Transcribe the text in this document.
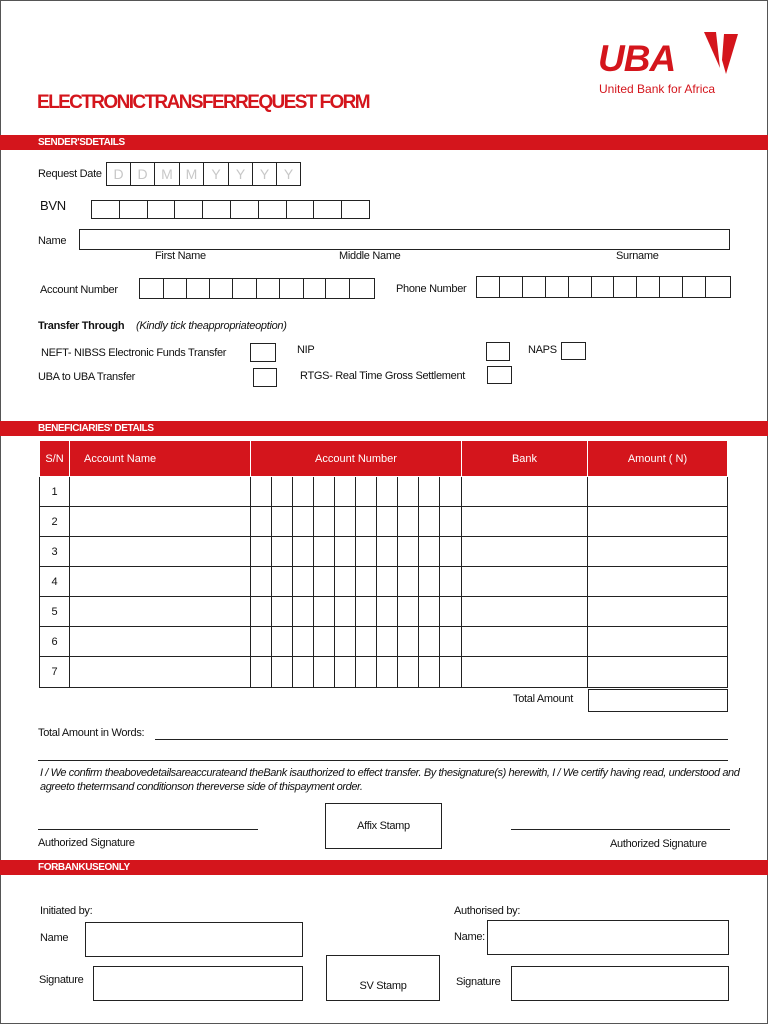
UBA
United Bank for Africa
ELECTRONICTRANSFERREQUEST FORM
SENDER'SDETAILS
Request Date D D M M	Y	Y	Y	Y
BVN
Name
First Name	Middle Name	Surname
Account Number	Phone Number
Transfer Through (Kindly tick theappropriateoption)
NEFT- NIBSS Electronic Funds Transfer	NIP	NAPS
UBA to UBA Transfer	RTGS- Real Time Gross Settlement
BENEFICIARIES' DETAILS
S/N	Account Name	Account Number										Bank	Amount ( N)
1													
2													
3													
4													
5													
6													
7													
Total Amount
Total Amount in Words:
I / We confirm theabovedetailsareaccurateand theBank isauthorized to effect transfer. By thesignature(s) herewith, I / We certify having read, understood and agreeto thetermsand conditionson thereverse side of thispayment order.
Authorized Signature
Affix Stamp
Authorized Signature
FORBANKUSEONLY
Initiated by:	Authorised by:
Name	Name:
Signature	SV Stamp	Signature
